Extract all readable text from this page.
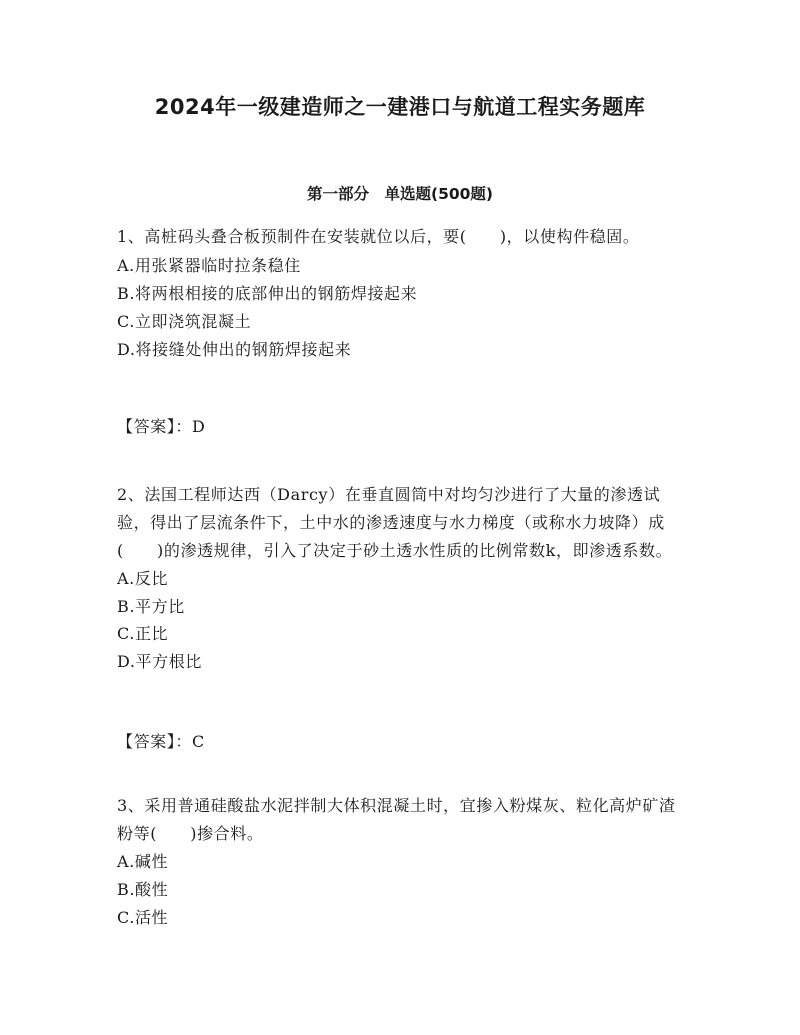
2024年一级建造师之一建港口与航道工程实务题库
第一部分　单选题(500题)
1、高桩码头叠合板预制件在安装就位以后，要(　　)，以使构件稳固。
A.用张紧器临时拉条稳住
B.将两根相接的底部伸出的钢筋焊接起来
C.立即浇筑混凝土
D.将接缝处伸出的钢筋焊接起来
【答案】：D
2、法国工程师达西（Darcy）在垂直圆筒中对均匀沙进行了大量的渗透试验，得出了层流条件下，土中水的渗透速度与水力梯度（或称水力坡降）成(　　)的渗透规律，引入了决定于砂土透水性质的比例常数k，即渗透系数。
A.反比
B.平方比
C.正比
D.平方根比
【答案】：C
3、采用普通硅酸盐水泥拌制大体积混凝土时，宜掺入粉煤灰、粒化高炉矿渣粉等(　　)掺合料。
A.碱性
B.酸性
C.活性
